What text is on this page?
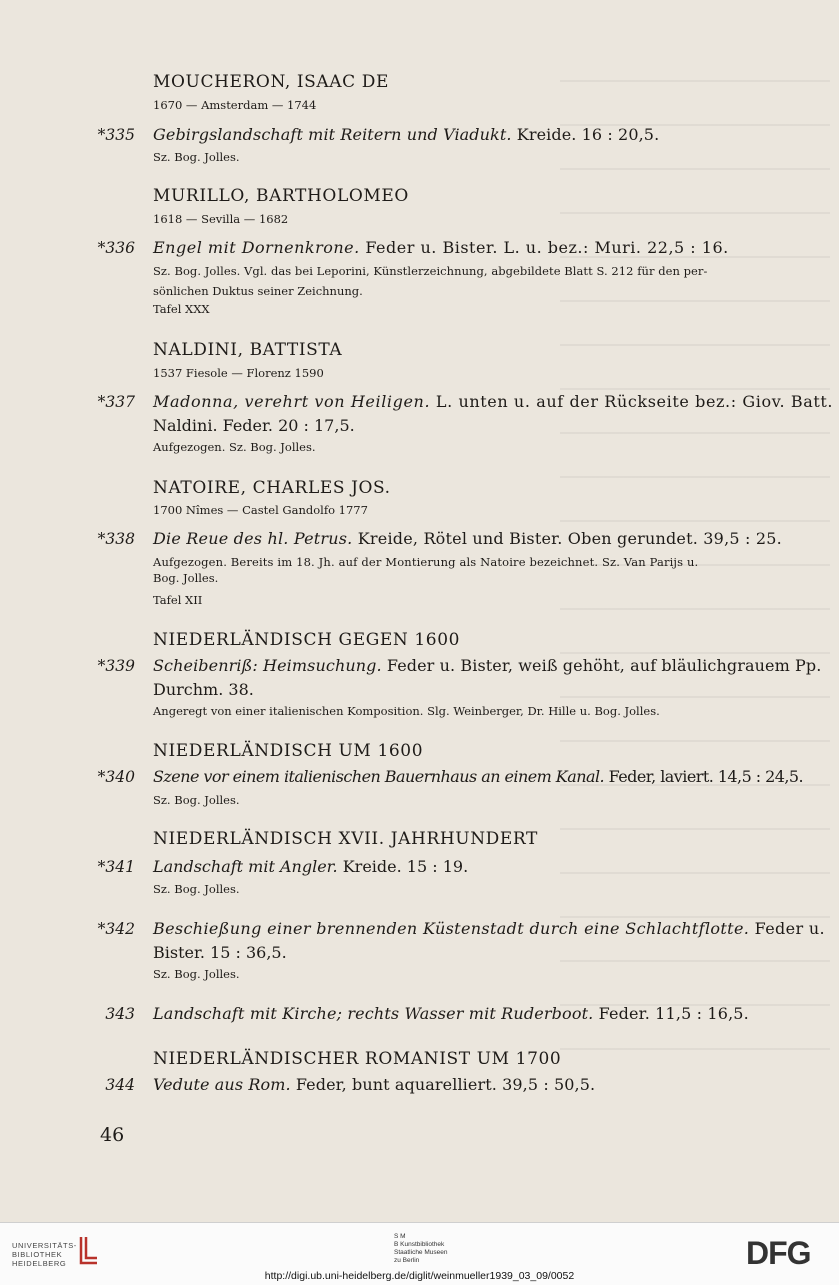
MOUCHERON, ISAAC DE
1670 — Amsterdam — 1744
*335 Gebirgslandschaft mit Reitern und Viadukt. Kreide. 16 : 20,5.
Sz. Bog. Jolles.
MURILLO, BARTHOLOMEO
1618 — Sevilla — 1682
*336 Engel mit Dornenkrone. Feder u. Bister. L. u. bez.: Muri. 22,5 : 16.
Sz. Bog. Jolles. Vgl. das bei Leporini, Künstlerzeichnung, abgebildete Blatt S. 212 für den per-
sönlichen Duktus seiner Zeichnung.
Tafel XXX
NALDINI, BATTISTA
1537 Fiesole — Florenz 1590
*337 Madonna, verehrt von Heiligen. L. unten u. auf der Rückseite bez.: Giov. Batt.
Naldini. Feder. 20 : 17,5.
Aufgezogen. Sz. Bog. Jolles.
NATOIRE, CHARLES JOS.
1700 Nîmes — Castel Gandolfo 1777
*338 Die Reue des hl. Petrus. Kreide, Rötel und Bister. Oben gerundet. 39,5 : 25.
Aufgezogen. Bereits im 18. Jh. auf der Montierung als Natoire bezeichnet. Sz. Van Parijs u.
Bog. Jolles.
Tafel XII
NIEDERLÄNDISCH GEGEN 1600
*339 Scheibenriß: Heimsuchung. Feder u. Bister, weiß gehöht, auf bläulichgrauem Pp.
Durchm. 38.
Angeregt von einer italienischen Komposition. Slg. Weinberger, Dr. Hille u. Bog. Jolles.
NIEDERLÄNDISCH UM 1600
*340 Szene vor einem italienischen Bauernhaus an einem Kanal. Feder, laviert. 14,5 : 24,5.
Sz. Bog. Jolles.
NIEDERLÄNDISCH XVII. JAHRHUNDERT
*341 Landschaft mit Angler. Kreide. 15 : 19.
Sz. Bog. Jolles.
*342 Beschießung einer brennenden Küstenstadt durch eine Schlachtflotte. Feder u.
Bister. 15 : 36,5.
Sz. Bog. Jolles.
343 Landschaft mit Kirche; rechts Wasser mit Ruderboot. Feder. 11,5 : 16,5.
NIEDERLÄNDISCHER ROMANIST UM 1700
344 Vedute aus Rom. Feder, bunt aquarelliert. 39,5 : 50,5.
46
UNIVERSITÄTS-
BIBLIOTHEK
HEIDELBERG
S M
B Kunstbibliothek
Staatliche Museen
zu Berlin	DFG
http://digi.ub.uni-heidelberg.de/diglit/weinmueller1939_03_09/0052
